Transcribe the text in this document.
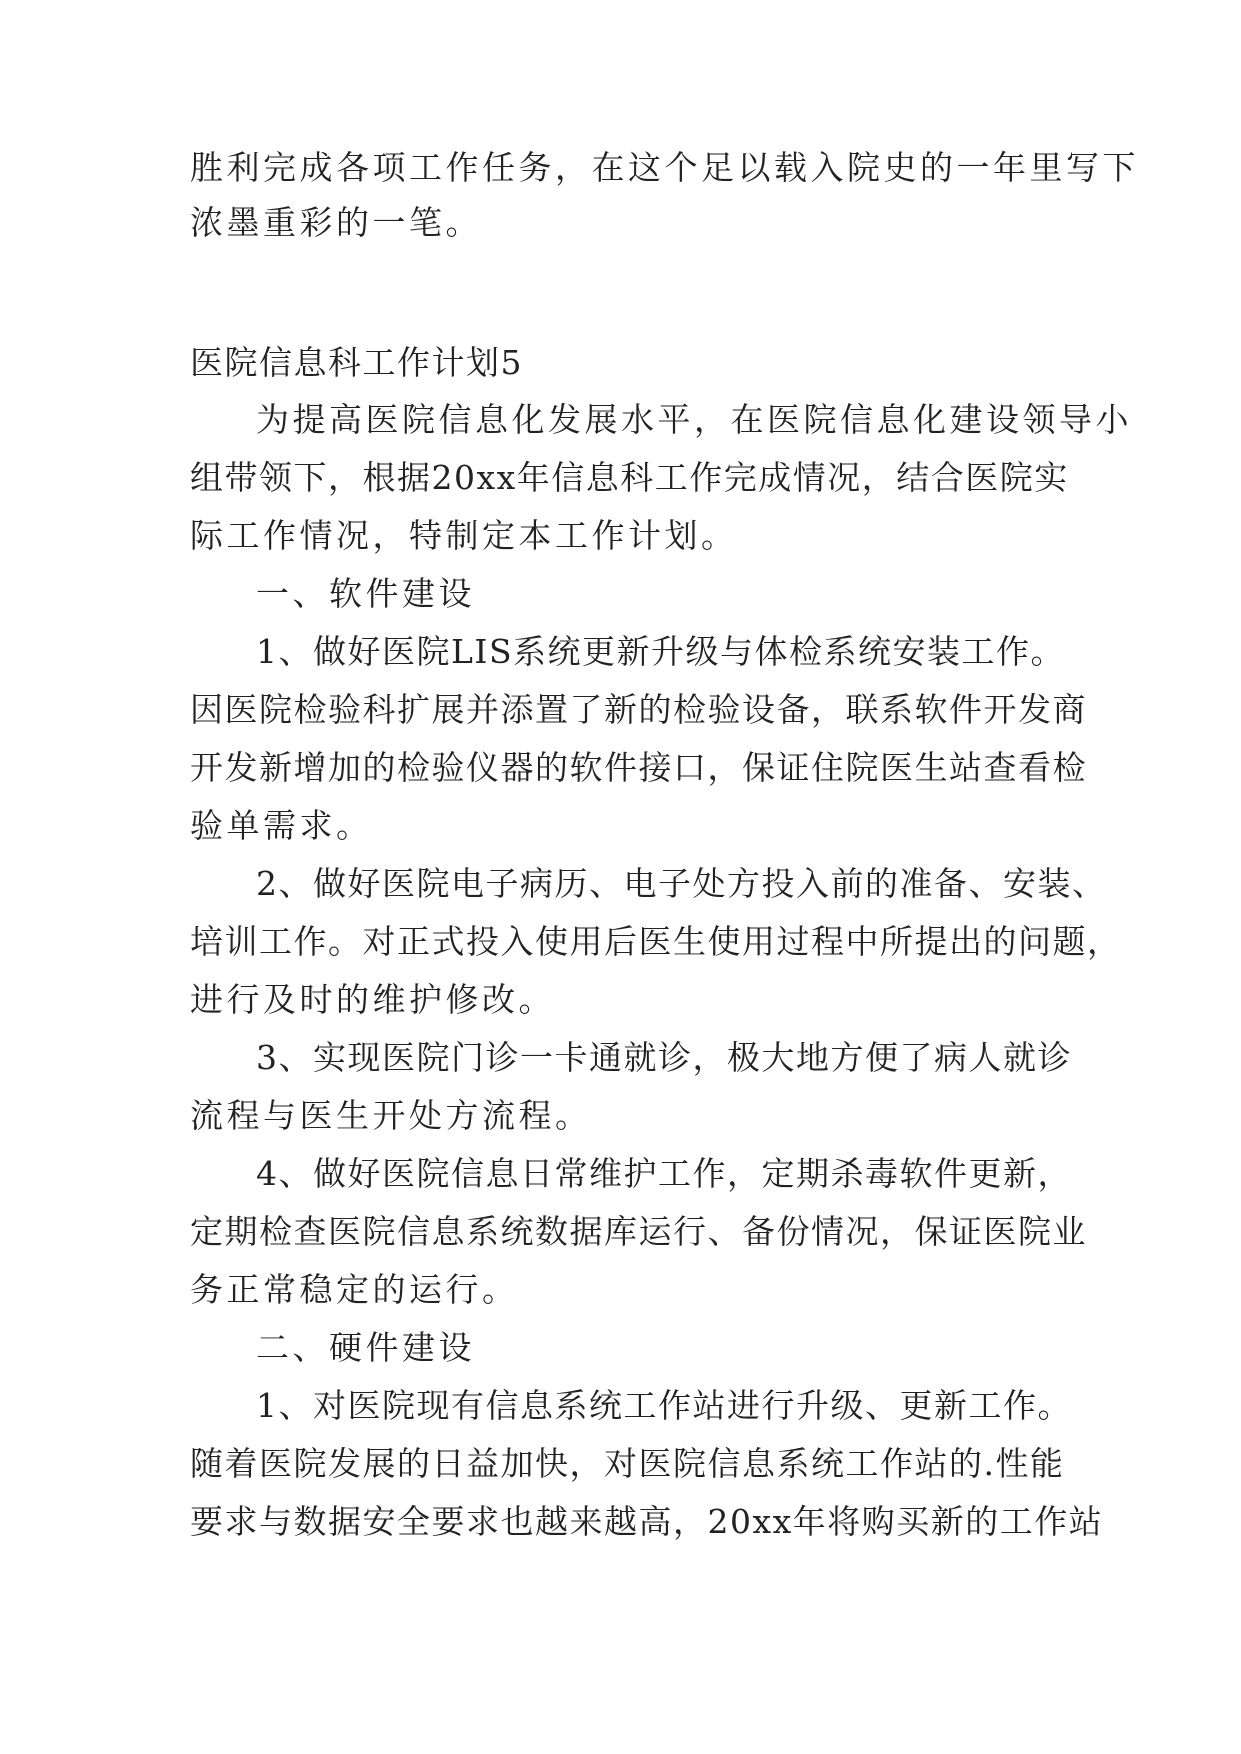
胜利完成各项工作任务，在这个足以载入院史的一年里写下

浓墨重彩的一笔。

医院信息科工作计划5

为提高医院信息化发展水平，在医院信息化建设领导小

组带领下，根据20xx年信息科工作完成情况，结合医院实

际工作情况，特制定本工作计划。

一、软件建设

1、做好医院LIS系统更新升级与体检系统安装工作。

因医院检验科扩展并添置了新的检验设备，联系软件开发商

开发新增加的检验仪器的软件接口，保证住院医生站查看检

验单需求。

2、做好医院电子病历、电子处方投入前的准备、安装、

培训工作。对正式投入使用后医生使用过程中所提出的问题，

进行及时的维护修改。

3、实现医院门诊一卡通就诊，极大地方便了病人就诊

流程与医生开处方流程。

4、做好医院信息日常维护工作，定期杀毒软件更新，

定期检查医院信息系统数据库运行、备份情况，保证医院业

务正常稳定的运行。

二、硬件建设

1、对医院现有信息系统工作站进行升级、更新工作。

随着医院发展的日益加快，对医院信息系统工作站的.性能

要求与数据安全要求也越来越高，20xx年将购买新的工作站
